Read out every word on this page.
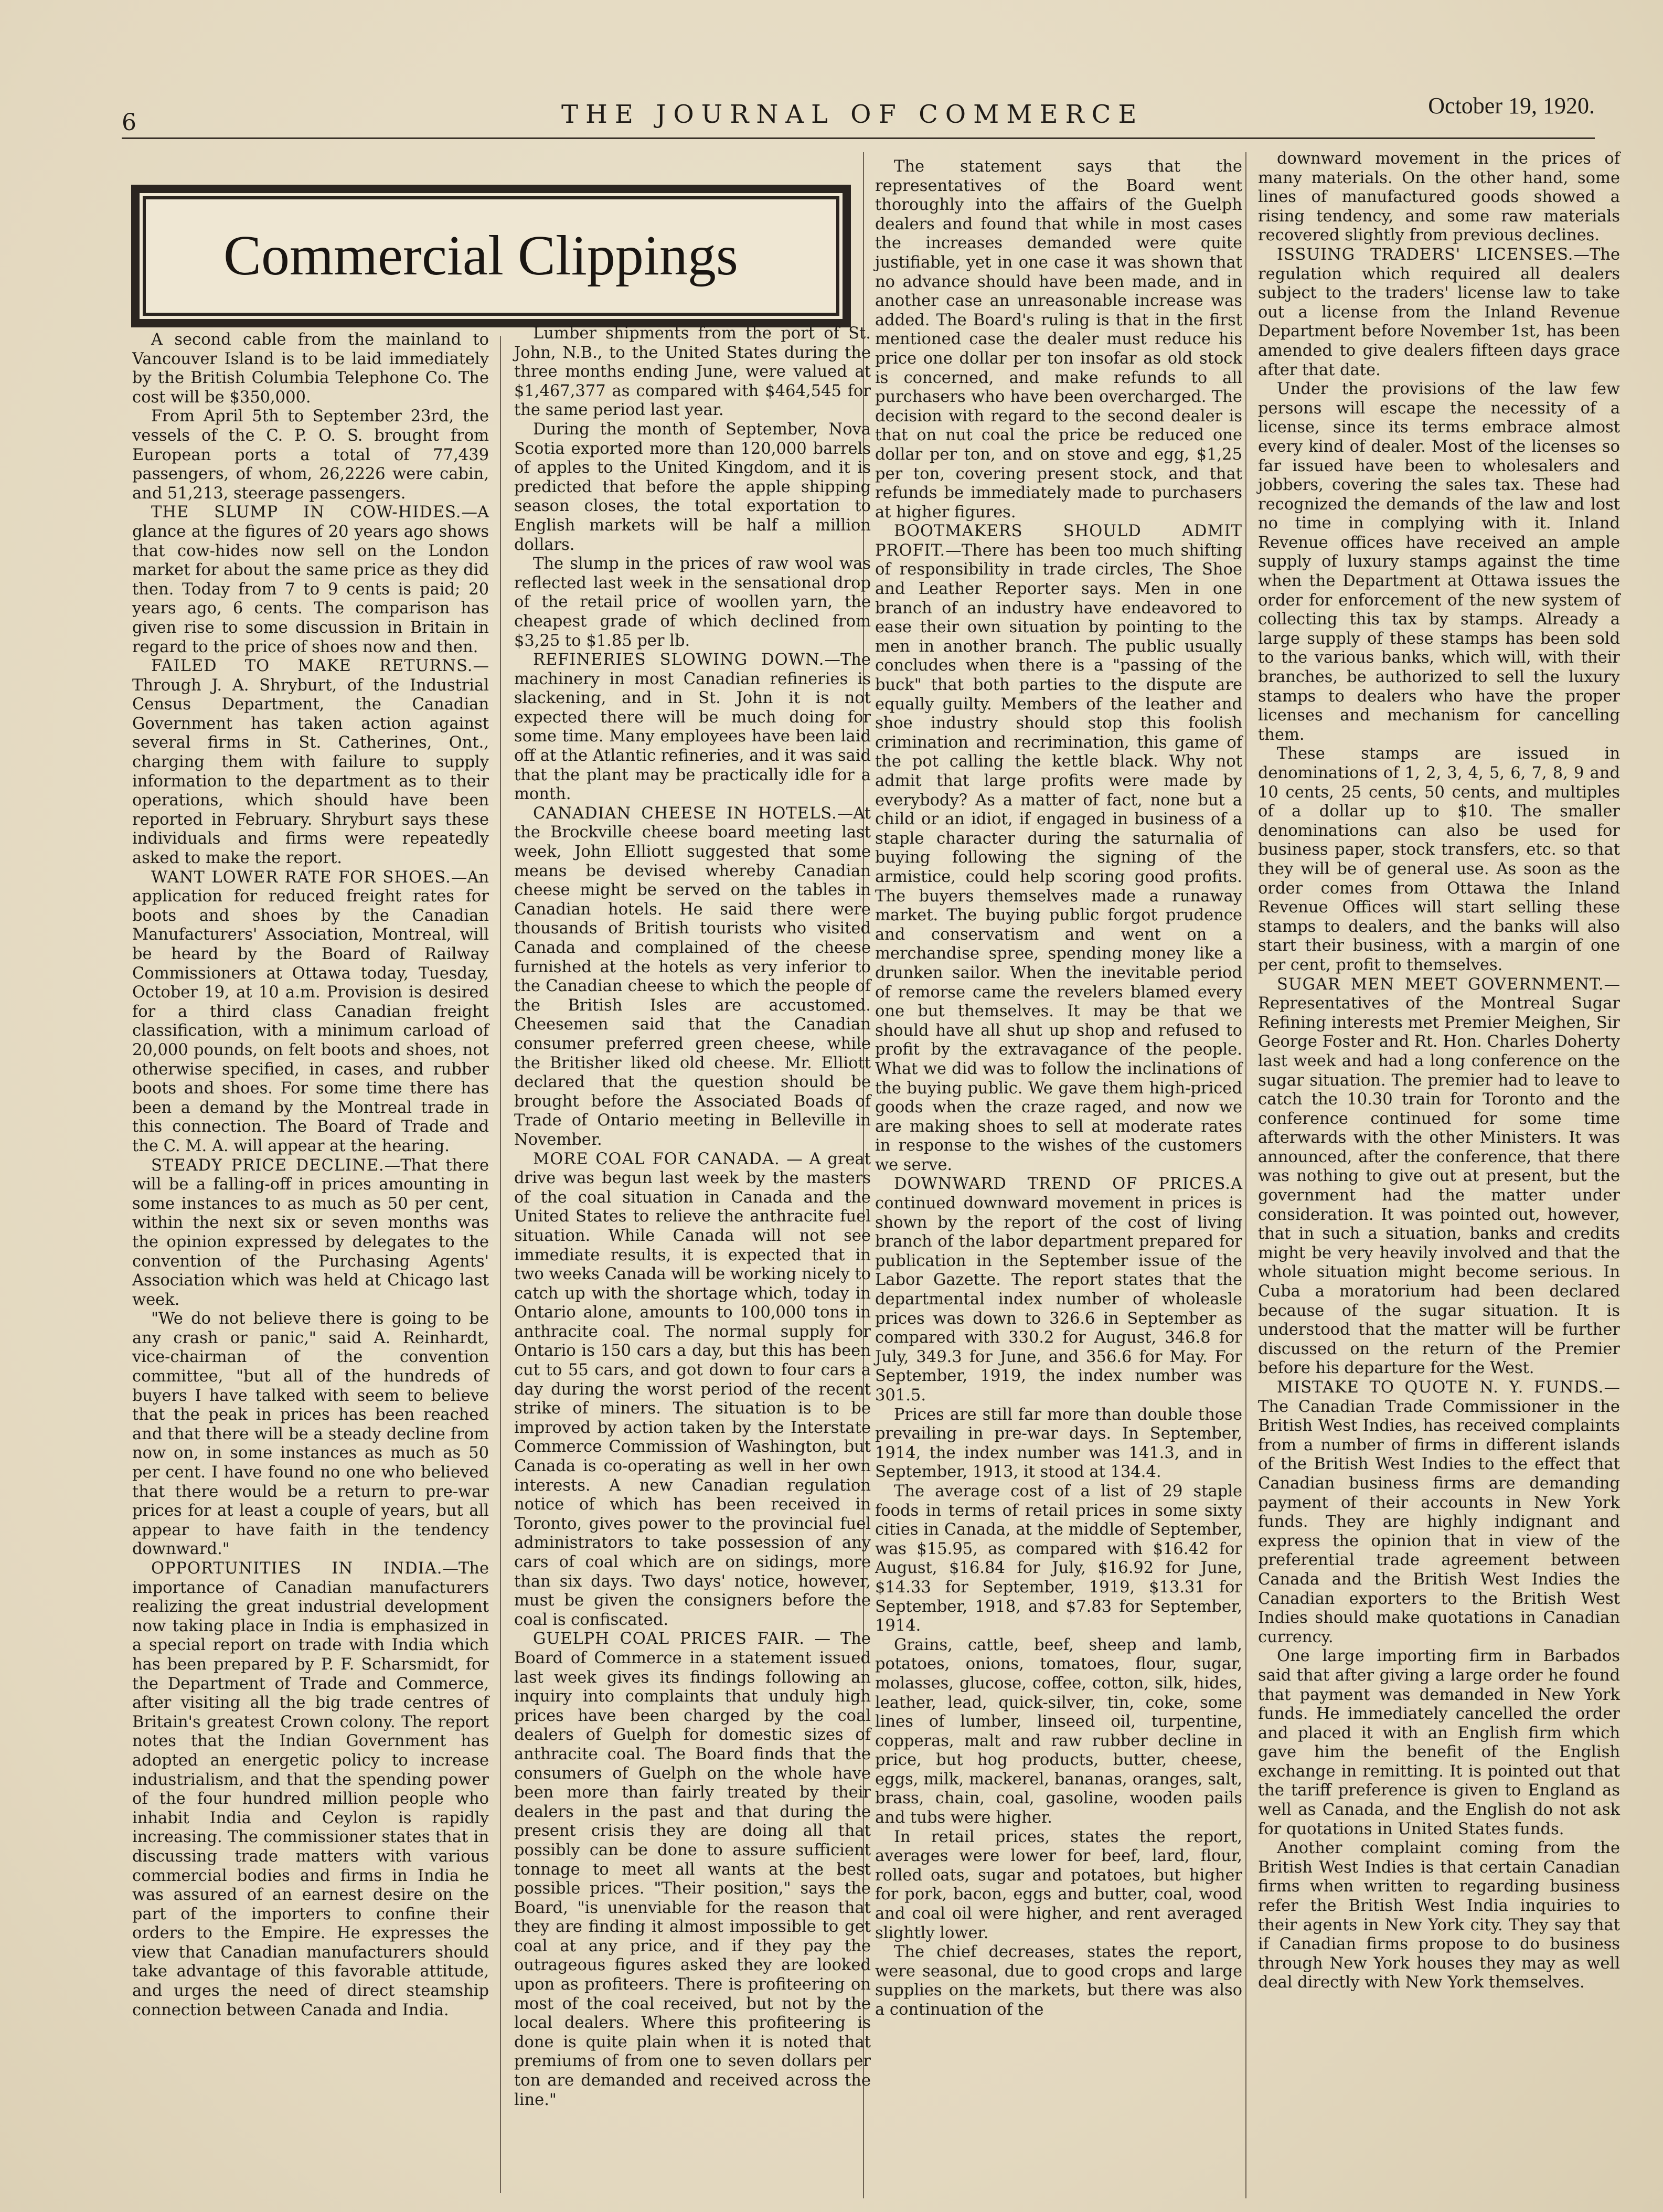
6	THE JOURNAL OF COMMERCE	October 19, 1920.
Commercial Clippings

A second cable from the mainland to Vancouver Island is to be laid immediately by the British Columbia Telephone Co. The cost will be $350,000.

From April 5th to September 23rd, the vessels of the C. P. O. S. brought from European ports a total of 77,439 passengers, of whom, 26,2226 were cabin, and 51,213, steerage passengers.

THE SLUMP IN COW-HIDES.—A glance at the figures of 20 years ago shows that cow-hides now sell on the London market for about the same price as they did then. Today from 7 to 9 cents is paid; 20 years ago, 6 cents. The comparison has given rise to some discussion in Britain in regard to the price of shoes now and then.

FAILED TO MAKE RETURNS.—Through J. A. Shryburt, of the Industrial Census Department, the Canadian Government has taken action against several firms in St. Catherines, Ont., charging them with failure to supply information to the department as to their operations, which should have been reported in February. Shryburt says these individuals and firms were repeatedly asked to make the report.

WANT LOWER RATE FOR SHOES.—An application for reduced freight rates for boots and shoes by the Canadian Manufacturers' Association, Montreal, will be heard by the Board of Railway Commissioners at Ottawa today, Tuesday, October 19, at 10 a.m. Provision is desired for a third class Canadian freight classification, with a minimum carload of 20,000 pounds, on felt boots and shoes, not otherwise specified, in cases, and rubber boots and shoes. For some time there has been a demand by the Montreal trade in this connection. The Board of Trade and the C. M. A. will appear at the hearing.

STEADY PRICE DECLINE.—That there will be a falling-off in prices amounting in some instances to as much as 50 per cent, within the next six or seven months was the opinion expressed by delegates to the convention of the Purchasing Agents' Association which was held at Chicago last week.

"We do not believe there is going to be any crash or panic," said A. Reinhardt, vice-chairman of the convention committee, "but all of the hundreds of buyers I have talked with seem to believe that the peak in prices has been reached and that there will be a steady decline from now on, in some instances as much as 50 per cent. I have found no one who believed that there would be a return to pre-war prices for at least a couple of years, but all appear to have faith in the tendency downward."

OPPORTUNITIES IN INDIA.—The importance of Canadian manufacturers realizing the great industrial development now taking place in India is emphasized in a special report on trade with India which has been prepared by P. F. Scharsmidt, for the Department of Trade and Commerce, after visiting all the big trade centres of Britain's greatest Crown colony. The report notes that the Indian Government has adopted an energetic policy to increase industrialism, and that the spending power of the four hundred million people who inhabit India and Ceylon is rapidly increasing. The commissioner states that in discussing trade matters with various commercial bodies and firms in India he was assured of an earnest desire on the part of the importers to confine their orders to the Empire. He expresses the view that Canadian manufacturers should take advantage of this favorable attitude, and urges the need of direct steamship connection between Canada and India.

Lumber shipments from the port of St. John, N.B., to the United States during the three months ending June, were valued at $1,467,377 as compared with $464,545 for the same period last year.

During the month of September, Nova Scotia exported more than 120,000 barrels of apples to the United Kingdom, and it is predicted that before the apple shipping season closes, the total exportation to English markets will be half a million dollars.

The slump in the prices of raw wool was reflected last week in the sensational drop of the retail price of woollen yarn, the cheapest grade of which declined from $3,25 to $1.85 per lb.

REFINERIES SLOWING DOWN.—The machinery in most Canadian refineries is slackening, and in St. John it is not expected there will be much doing for some time. Many employees have been laid off at the Atlantic refineries, and it was said that the plant may be practically idle for a month.

CANADIAN CHEESE IN HOTELS.—At the Brockville cheese board meeting last week, John Elliott suggested that some means be devised whereby Canadian cheese might be served on the tables in Canadian hotels. He said there were thousands of British tourists who visited Canada and complained of the cheese furnished at the hotels as very inferior to the Canadian cheese to which the people of the British Isles are accustomed. Cheesemen said that the Canadian consumer preferred green cheese, while the Britisher liked old cheese. Mr. Elliott declared that the question should be brought before the Associated Boads of Trade of Ontario meeting in Belleville in November.

MORE COAL FOR CANADA. — A great drive was begun last week by the masters of the coal situation in Canada and the United States to relieve the anthracite fuel situation. While Canada will not see immediate results, it is expected that in two weeks Canada will be working nicely to catch up with the shortage which, today in Ontario alone, amounts to 100,000 tons in anthracite coal. The normal supply for Ontario is 150 cars a day, but this has been cut to 55 cars, and got down to four cars a day during the worst period of the recent strike of miners. The situation is to be improved by action taken by the Interstate Commerce Commission of Washington, but Canada is co-operating as well in her own interests. A new Canadian regulation notice of which has been received in Toronto, gives power to the provincial fuel administrators to take possession of any cars of coal which are on sidings, more than six days. Two days' notice, however, must be given the consigners before the coal is confiscated.

GUELPH COAL PRICES FAIR. — The Board of Commerce in a statement issued last week gives its findings following an inquiry into complaints that unduly high prices have been charged by the coal dealers of Guelph for domestic sizes of anthracite coal. The Board finds that the consumers of Guelph on the whole have been more than fairly treated by their dealers in the past and that during the present crisis they are doing all that possibly can be done to assure sufficient tonnage to meet all wants at the best possible prices. "Their position," says the Board, "is unenviable for the reason that they are finding it almost impossible to get coal at any price, and if they pay the outrageous figures asked they are looked upon as profiteers. There is profiteering on most of the coal received, but not by the local dealers. Where this profiteering is done is quite plain when it is noted that premiums of from one to seven dollars per ton are demanded and received across the line."

The statement says that the representatives of the Board went thoroughly into the affairs of the Guelph dealers and found that while in most cases the increases demanded were quite justifiable, yet in one case it was shown that no advance should have been made, and in another case an unreasonable increase was added. The Board's ruling is that in the first mentioned case the dealer must reduce his price one dollar per ton insofar as old stock is concerned, and make refunds to all purchasers who have been overcharged. The decision with regard to the second dealer is that on nut coal the price be reduced one dollar per ton, and on stove and egg, $1,25 per ton, covering present stock, and that refunds be immediately made to purchasers at higher figures.

BOOTMAKERS SHOULD ADMIT PROFIT.—There has been too much shifting of responsibility in trade circles, The Shoe and Leather Reporter says. Men in one branch of an industry have endeavored to ease their own situation by pointing to the men in another branch. The public usually concludes when there is a "passing of the buck" that both parties to the dispute are equally guilty. Members of the leather and shoe industry should stop this foolish crimination and recrimination, this game of the pot calling the kettle black. Why not admit that large profits were made by everybody? As a matter of fact, none but a child or an idiot, if engaged in business of a staple character during the saturnalia of buying following the signing of the armistice, could help scoring good profits. The buyers themselves made a runaway market. The buying public forgot prudence and conservatism and went on a merchandise spree, spending money like a drunken sailor. When the inevitable period of remorse came the revelers blamed every one but themselves. It may be that we should have all shut up shop and refused to profit by the extravagance of the people. What we did was to follow the inclinations of the buying public. We gave them high-priced goods when the craze raged, and now we are making shoes to sell at moderate rates in response to the wishes of the customers we serve.

DOWNWARD TREND OF PRICES.A continued downward movement in prices is shown by the report of the cost of living branch of the labor department prepared for publication in the September issue of the Labor Gazette. The report states that the departmental index number of wholeasle prices was down to 326.6 in September as compared with 330.2 for August, 346.8 for July, 349.3 for June, and 356.6 for May. For September, 1919, the index number was 301.5.

Prices are still far more than double those prevailing in pre-war days. In September, 1914, the index number was 141.3, and in September, 1913, it stood at 134.4.

The average cost of a list of 29 staple foods in terms of retail prices in some sixty cities in Canada, at the middle of September, was $15.95, as compared with $16.42 for August, $16.84 for July, $16.92 for June, $14.33 for September, 1919, $13.31 for September, 1918, and $7.83 for September, 1914.

Grains, cattle, beef, sheep and lamb, potatoes, onions, tomatoes, flour, sugar, molasses, glucose, coffee, cotton, silk, hides, leather, lead, quick-silver, tin, coke, some lines of lumber, linseed oil, turpentine, copperas, malt and raw rubber decline in price, but hog products, butter, cheese, eggs, milk, mackerel, bananas, oranges, salt, brass, chain, coal, gasoline, wooden pails and tubs were higher.

In retail prices, states the report, averages were lower for beef, lard, flour, rolled oats, sugar and potatoes, but higher for pork, bacon, eggs and butter, coal, wood and coal oil were higher, and rent averaged slightly lower.

The chief decreases, states the report, were seasonal, due to good crops and large supplies on the markets, but there was also a continuation of the

downward movement in the prices of many materials. On the other hand, some lines of manufactured goods showed a rising tendency, and some raw materials recovered slightly from previous declines.

ISSUING TRADERS' LICENSES.—The regulation which required all dealers subject to the traders' license law to take out a license from the Inland Revenue Department before November 1st, has been amended to give dealers fifteen days grace after that date.

Under the provisions of the law few persons will escape the necessity of a license, since its terms embrace almost every kind of dealer. Most of the licenses so far issued have been to wholesalers and jobbers, covering the sales tax. These had recognized the demands of the law and lost no time in complying with it. Inland Revenue offices have received an ample supply of luxury stamps against the time when the Department at Ottawa issues the order for enforcement of the new system of collecting this tax by stamps. Already a large supply of these stamps has been sold to the various banks, which will, with their branches, be authorized to sell the luxury stamps to dealers who have the proper licenses and mechanism for cancelling them.

These stamps are issued in denominations of 1, 2, 3, 4, 5, 6, 7, 8, 9 and 10 cents, 25 cents, 50 cents, and multiples of a dollar up to $10. The smaller denominations can also be used for business paper, stock transfers, etc. so that they will be of general use. As soon as the order comes from Ottawa the Inland Revenue Offices will start selling these stamps to dealers, and the banks will also start their business, with a margin of one per cent, profit to themselves.

SUGAR MEN MEET GOVERNMENT.—Representatives of the Montreal Sugar Refining interests met Premier Meighen, Sir George Foster and Rt. Hon. Charles Doherty last week and had a long conference on the sugar situation. The premier had to leave to catch the 10.30 train for Toronto and the conference continued for some time afterwards with the other Ministers. It was announced, after the conference, that there was nothing to give out at present, but the government had the matter under consideration. It was pointed out, however, that in such a situation, banks and credits might be very heavily involved and that the whole situation might become serious. In Cuba a moratorium had been declared because of the sugar situation. It is understood that the matter will be further discussed on the return of the Premier before his departure for the West.

MISTAKE TO QUOTE N. Y. FUNDS.—The Canadian Trade Commissioner in the British West Indies, has received complaints from a number of firms in different islands of the British West Indies to the effect that Canadian business firms are demanding payment of their accounts in New York funds. They are highly indignant and express the opinion that in view of the preferential trade agreement between Canada and the British West Indies the Canadian exporters to the British West Indies should make quotations in Canadian currency.

One large importing firm in Barbados said that after giving a large order he found that payment was demanded in New York funds. He immediately cancelled the order and placed it with an English firm which gave him the benefit of the English exchange in remitting. It is pointed out that the tariff preference is given to England as well as Canada, and the English do not ask for quotations in United States funds.

Another complaint coming from the British West Indies is that certain Canadian firms when written to regarding business refer the British West India inquiries to their agents in New York city. They say that if Canadian firms propose to do business through New York houses they may as well deal directly with New York themselves.
